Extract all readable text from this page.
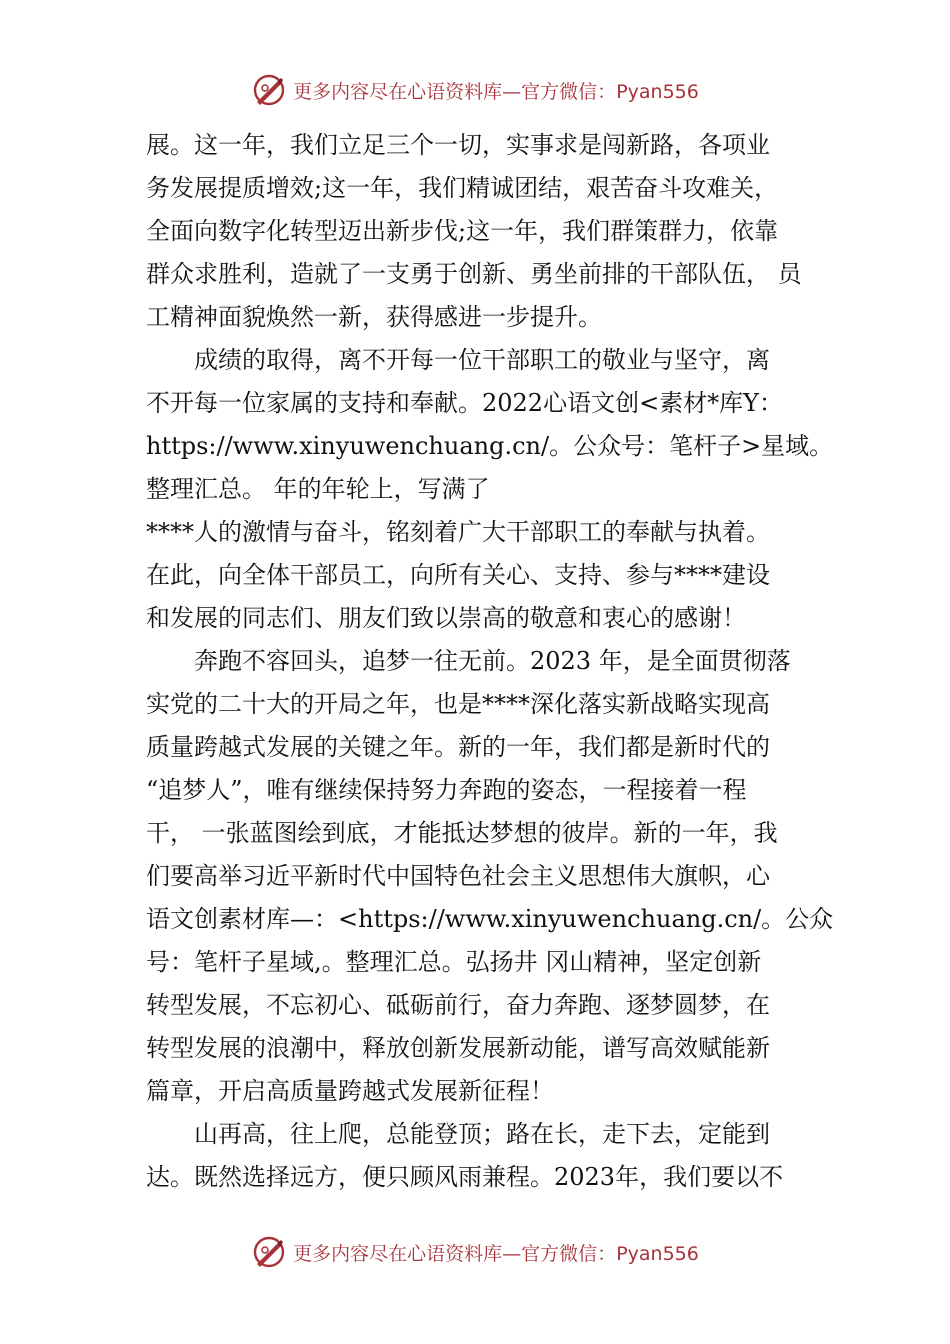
更多内容尽在心语资料库—官方微信：Pyan556

展。这一年，我们立足三个一切，实事求是闯新路，各项业
务发展提质增效;这一年，我们精诚团结，艰苦奋斗攻难关，
全面向数字化转型迈出新步伐;这一年，我们群策群力，依靠
群众求胜利，造就了一支勇于创新、勇坐前排的干部队伍， 员
工精神面貌焕然一新，获得感进一步提升。

成绩的取得，离不开每一位干部职工的敬业与坚守，离
不开每一位家属的支持和奉献。2022心语文创<素材*库Y：
https://www.xinyuwenchuang.cn/。公众号：笔杆子>星域。
整理汇总。 年的年轮上，写满了
****人的激情与奋斗，铭刻着广大干部职工的奉献与执着。
在此，向全体干部员工，向所有关心、支持、参与****建设
和发展的同志们、朋友们致以崇高的敬意和衷心的感谢！

奔跑不容回头，追梦一往无前。2023 年，是全面贯彻落
实党的二十大的开局之年，也是****深化落实新战略实现高
质量跨越式发展的关键之年。新的一年，我们都是新时代的
“追梦人”，唯有继续保持努力奔跑的姿态，一程接着一程
干， 一张蓝图绘到底，才能抵达梦想的彼岸。新的一年，我
们要高举习近平新时代中国特色社会主义思想伟大旗帜，心
语文创素材库—：<https://www.xinyuwenchuang.cn/。公众
号：笔杆子星域,。整理汇总。弘扬井 冈山精神，坚定创新
转型发展，不忘初心、砥砺前行，奋力奔跑、逐梦圆梦，在
转型发展的浪潮中，释放创新发展新动能，谱写高效赋能新
篇章，开启高质量跨越式发展新征程！

山再高，往上爬，总能登顶；路在长，走下去，定能到
达。既然选择远方，便只顾风雨兼程。2023年，我们要以不

更多内容尽在心语资料库—官方微信：Pyan556
